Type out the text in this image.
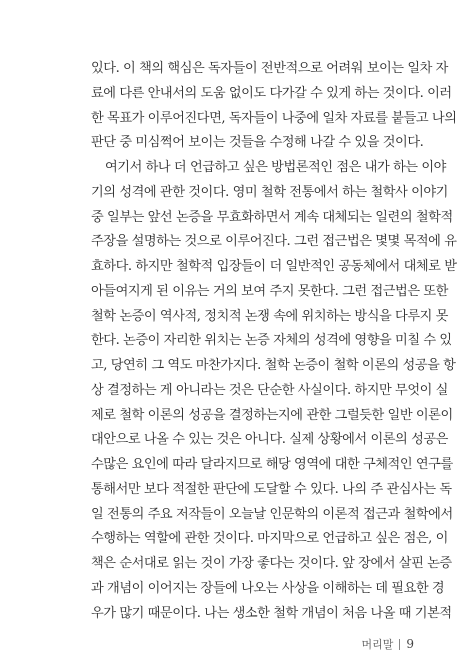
있다. 이 책의 핵심은 독자들이 전반적으로 어려워 보이는 일차 자
료에 다른 안내서의 도움 없이도 다가갈 수 있게 하는 것이다. 이러
한 목표가 이루어진다면, 독자들이 나중에 일차 자료를 붙들고 나의
판단 중 미심쩍어 보이는 것들을 수정해 나갈 수 있을 것이다.
여기서 하나 더 언급하고 싶은 방법론적인 점은 내가 하는 이야
기의 성격에 관한 것이다. 영미 철학 전통에서 하는 철학사 이야기
중 일부는 앞선 논증을 무효화하면서 계속 대체되는 일련의 철학적
주장을 설명하는 것으로 이루어진다. 그런 접근법은 몇몇 목적에 유
효하다. 하지만 철학적 입장들이 더 일반적인 공동체에서 대체로 받
아들여지게 된 이유는 거의 보여 주지 못한다. 그런 접근법은 또한
철학 논증이 역사적, 정치적 논쟁 속에 위치하는 방식을 다루지 못
한다. 논증이 자리한 위치는 논증 자체의 성격에 영향을 미칠 수 있
고, 당연히 그 역도 마찬가지다. 철학 논증이 철학 이론의 성공을 항
상 결정하는 게 아니라는 것은 단순한 사실이다. 하지만 무엇이 실
제로 철학 이론의 성공을 결정하는지에 관한 그럴듯한 일반 이론이
대안으로 나올 수 있는 것은 아니다. 실제 상황에서 이론의 성공은
수많은 요인에 따라 달라지므로 해당 영역에 대한 구체적인 연구를
통해서만 보다 적절한 판단에 도달할 수 있다. 나의 주 관심사는 독
일 전통의 주요 저작들이 오늘날 인문학의 이론적 접근과 철학에서
수행하는 역할에 관한 것이다. 마지막으로 언급하고 싶은 점은, 이
책은 순서대로 읽는 것이 가장 좋다는 것이다. 앞 장에서 살핀 논증
과 개념이 이어지는 장들에 나오는 사상을 이해하는 데 필요한 경
우가 많기 때문이다. 나는 생소한 철학 개념이 처음 나올 때 기본적
머리말 9
